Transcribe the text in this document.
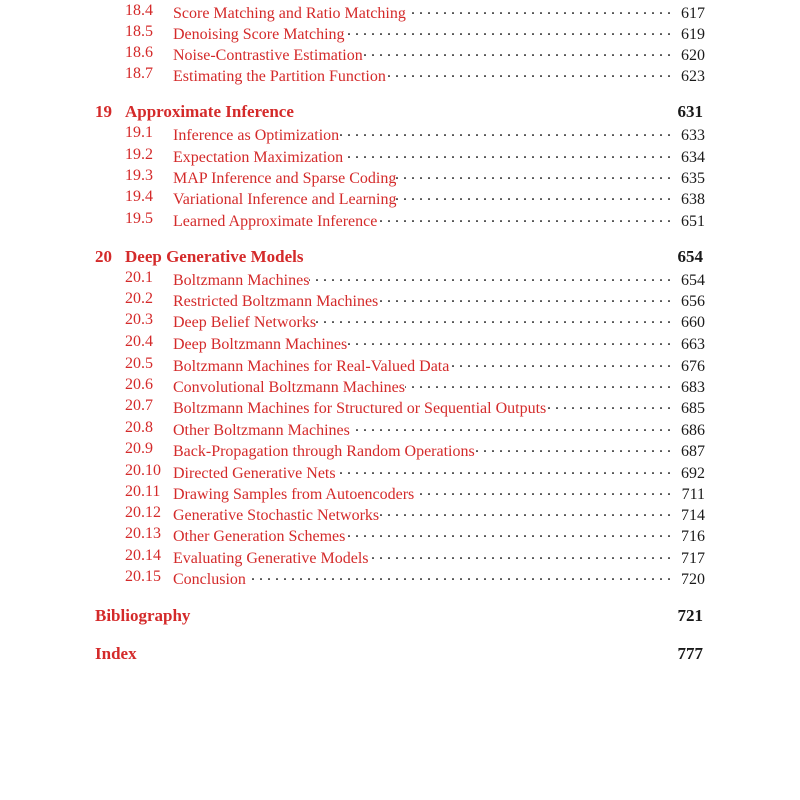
18.4 Score Matching and Ratio Matching . . .	617
18.5 Denoising Score Matching . . .	619
18.6 Noise-Contrastive Estimation . . .	620
18.7 Estimating the Partition Function . . .	623
19 Approximate Inference	631
19.1 Inference as Optimization . . .	633
19.2 Expectation Maximization . . .	634
19.3 MAP Inference and Sparse Coding . . .	635
19.4 Variational Inference and Learning . . .	638
19.5 Learned Approximate Inference . . .	651
20 Deep Generative Models	654
20.1 Boltzmann Machines . . .	654
20.2 Restricted Boltzmann Machines . . .	656
20.3 Deep Belief Networks . . .	660
20.4 Deep Boltzmann Machines . . .	663
20.5 Boltzmann Machines for Real-Valued Data . . .	676
20.6 Convolutional Boltzmann Machines . . .	683
20.7 Boltzmann Machines for Structured or Sequential Outputs . . .	685
20.8 Other Boltzmann Machines . . .	686
20.9 Back-Propagation through Random Operations . . .	687
20.10 Directed Generative Nets . . .	692
20.11 Drawing Samples from Autoencoders . . .	711
20.12 Generative Stochastic Networks . . .	714
20.13 Other Generation Schemes . . .	716
20.14 Evaluating Generative Models . . .	717
20.15 Conclusion . . .	720
Bibliography	721
Index	777
